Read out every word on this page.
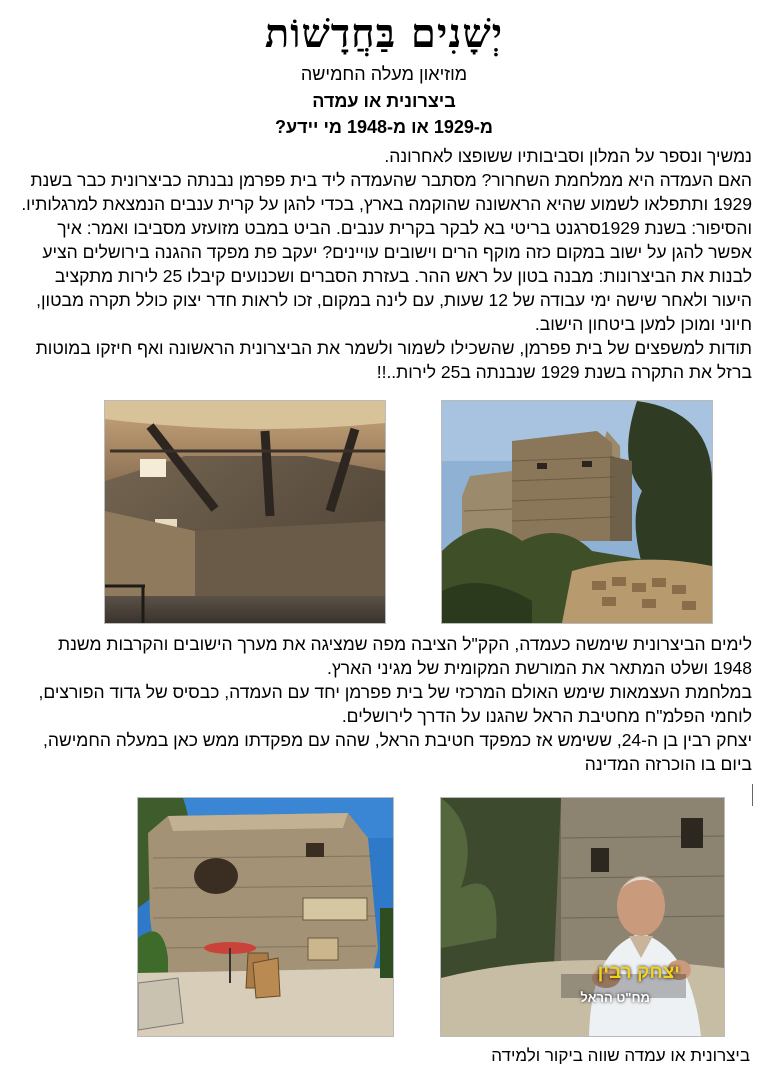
יְשָׁנִים בַּחֲדָשׁוֹת
מוזיאון מעלה החמישה
ביצרונית או עמדה
מ-1929 או מ-1948 מי יידע?

נמשיך ונספר על המלון וסביבותיו ששופצו לאחרונה.

האם העמדה היא ממלחמת השחרור? מסתבר שהעמדה ליד בית פפרמן נבנתה כביצרונית כבר בשנת 1929 ותתפלאו לשמוע שהיא הראשונה שהוקמה בארץ, בכדי להגן על קרית ענבים הנמצאת למרגלותיו. והסיפור: בשנת 1929סרגנט בריטי בא לבקר בקרית ענבים. הביט במבט מזועזע מסביבו ואמר: איך אפשר להגן על ישוב במקום כזה מוקף הרים וישובים עויינים? יעקב פת מפקד ההגנה בירושלים הציע לבנות את הביצרונות: מבנה בטון על ראש ההר. בעזרת הסברים ושכנועים קיבלו 25 לירות מתקציב היעור ולאחר שישה ימי עבודה של 12 שעות, עם לינה במקום, זכו לראות חדר יצוק כולל תקרה מבטון, חיוני ומוכן למען ביטחון הישוב.

תודות למשפצים של בית פפרמן, שהשכילו לשמור ולשמר את הביצרונית הראשונה ואף חיזקו במוטות ברזל את התקרה בשנת 1929 שנבנתה ב25 לירות..!!

לימים הביצרונית שימשה כעמדה, הקק"ל הציבה מפה שמציגה את מערך הישובים והקרבות משנת 1948 ושלט המתאר את המורשת המקומית של מגיני הארץ.

במלחמת העצמאות שימש האולם המרכזי של בית פפרמן יחד עם העמדה, כבסיס של גדוד הפורצים, לוחמי הפלמ"ח מחטיבת הראל שהגנו על הדרך לירושלים.

יצחק רבין בן ה-24, ששימש אז כמפקד חטיבת הראל, שהה עם מפקדתו ממש כאן במעלה החמישה, ביום בו הוכרזה המדינה

יצחק רבין
מח"ט הראל
ביצרונית או עמדה שווה ביקור ולמידה
